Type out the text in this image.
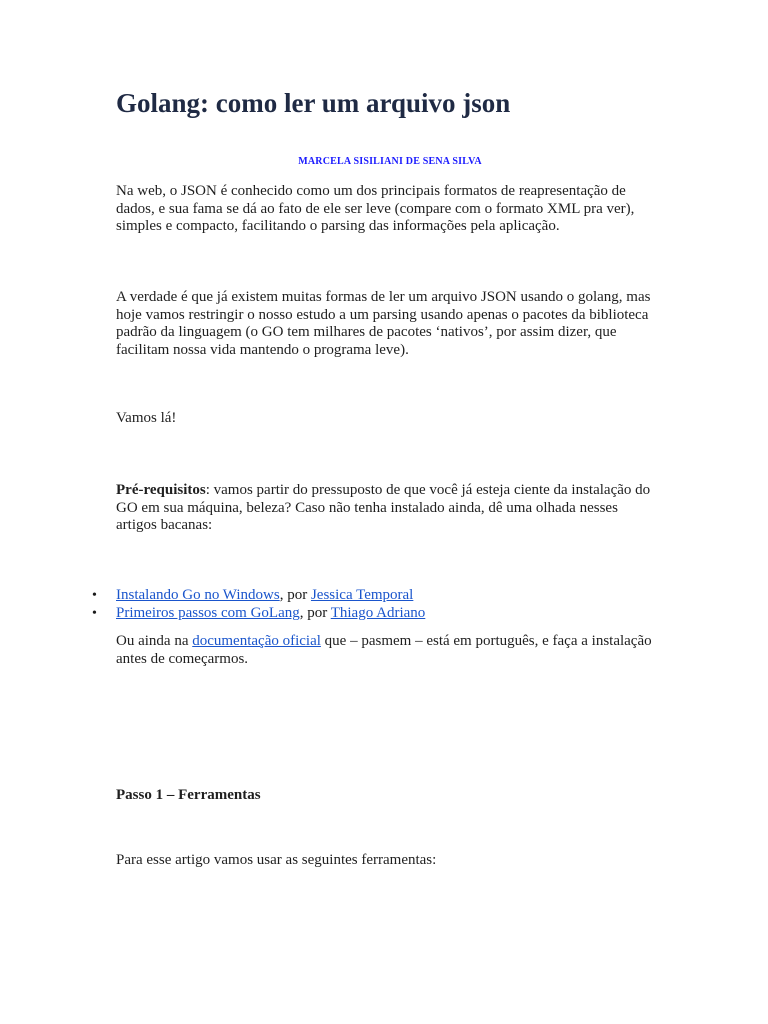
Golang: como ler um arquivo json
MARCELA SISILIANI DE SENA SILVA

Na web, o JSON é conhecido como um dos principais formatos de reapresentação de dados, e sua fama se dá ao fato de ele ser leve (compare com o formato XML pra ver), simples e compacto, facilitando o parsing das informações pela aplicação.

A verdade é que já existem muitas formas de ler um arquivo JSON usando o golang, mas hoje vamos restringir o nosso estudo a um parsing usando apenas o pacotes da biblioteca padrão da linguagem (o GO tem milhares de pacotes ‘nativos’, por assim dizer, que facilitam nossa vida mantendo o programa leve).

Vamos lá!

Pré-requisitos: vamos partir do pressuposto de que você já esteja ciente da instalação do GO em sua máquina, beleza? Caso não tenha instalado ainda, dê uma olhada nesses artigos bacanas:

• Instalando Go no Windows, por Jessica Temporal
• Primeiros passos com GoLang, por Thiago Adriano

Ou ainda na documentação oficial que – pasmem – está em português, e faça a instalação antes de começarmos.

Passo 1 – Ferramentas

Para esse artigo vamos usar as seguintes ferramentas:
